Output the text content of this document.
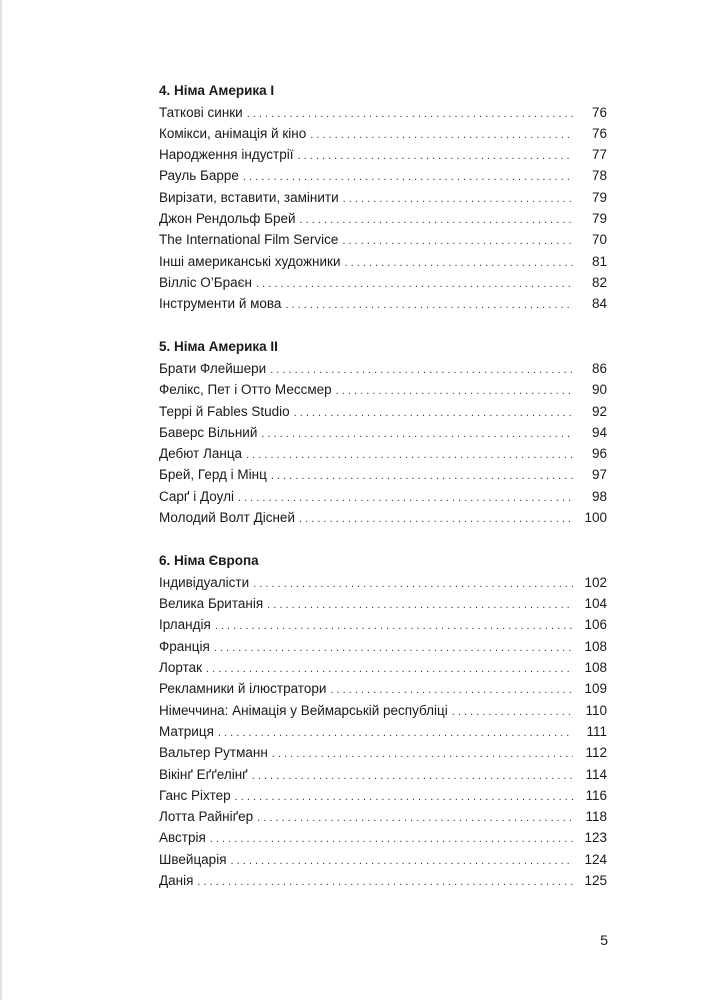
4. Німа Америка I
Таткові синки . . .	76
Комікси, анімація й кіно . . .	76
Народження індустрії . . .	77
Рауль Барре . . .	78
Вирізати, вставити, замінити . . .	79
Джон Рендольф Брей . . .	79
The International Film Service . . .	70
Інші американські художники . . .	81
Вілліс О’Браєн . . .	82
Інструменти й мова . . .	84
5. Німа Америка II
Брати Флейшери . . .	86
Фелікс, Пет і Отто Мессмер . . .	90
Террі й Fables Studio . . .	92
Баверс Вільний . . .	94
Дебют Ланца . . .	96
Брей, Герд і Мінц . . .	97
Сарґ і Доулі . . .	98
Молодий Волт Дісней . . .	100
6. Німа Європа
Індивідуалісти . . .	102
Велика Британія . . .	104
Ірландія . . .	106
Франція . . .	108
Лортак . . .	108
Рекламники й ілюстратори . . .	109
Німеччина: Анімація у Веймарській республіці . . .	110
Матриця . . .	111
Вальтер Рутманн . . .	112
Вікінґ Еґґелінґ . . .	114
Ганс Ріхтер . . .	116
Лотта Райніґер . . .	118
Австрія . . .	123
Швейцарія . . .	124
Данія . . .	125
5
